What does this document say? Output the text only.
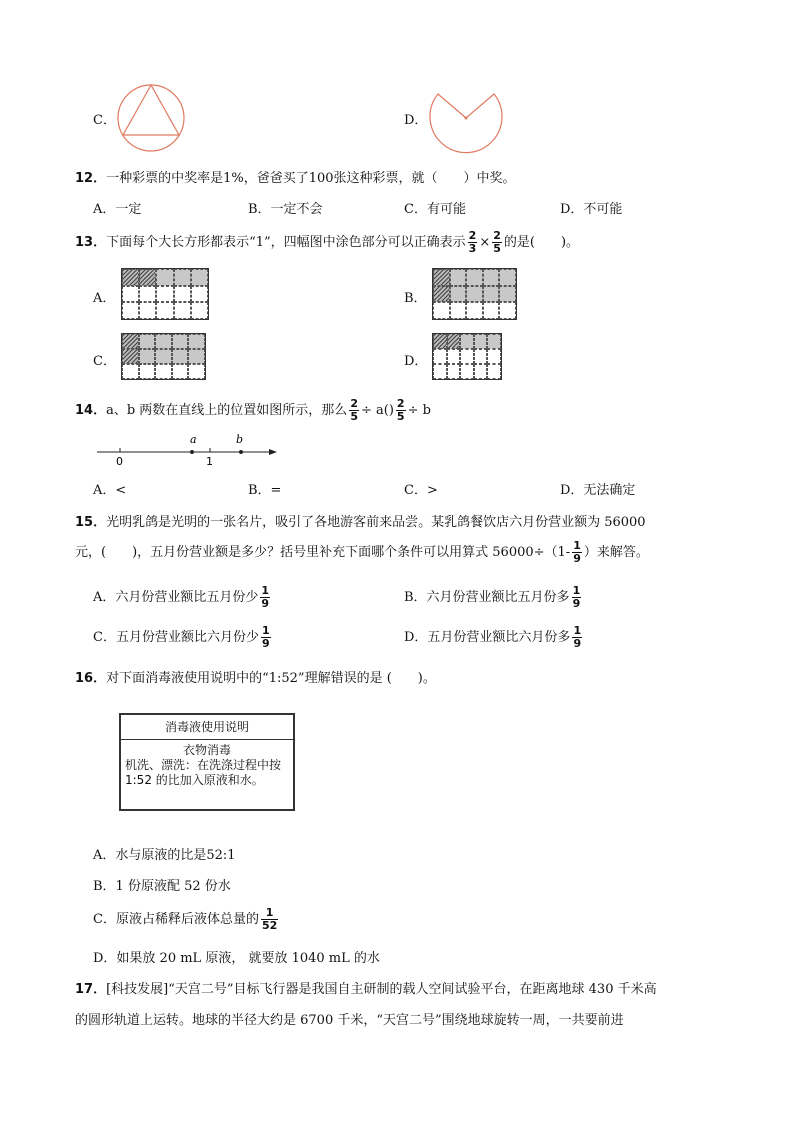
C．	D．
12．一种彩票的中奖率是1%，爸爸买了100张这种彩票，就（　　）中奖。
A．一定	B．一定不会	C．有可能	D．不可能
13．下面每个大长方形都表示“1”，四幅图中涂色部分可以正确表示 $\frac{2}{3} \times \frac{2}{5}$ 的是(　　)。
A．	B．
C．	D．
14．a、b 两数在直线上的位置如图所示，那么 $\frac{2}{5} \div a() \frac{2}{5} \div b$
a	b
0	1
A．<	B．=	C．>	D．无法确定
15．光明乳鸽是光明的一张名片，吸引了各地游客前来品尝。某乳鸽餐饮店六月份营业额为 56000
元，(　　)，五月份营业额是多少？括号里补充下面哪个条件可以用算式 $56000\div(1- \frac{1}{9}$ ）来解答。
A．六月份营业额比五月份少 $\frac{1}{9}$	B．六月份营业额比五月份多 $\frac{1}{9}$
C．五月份营业额比六月份少 $\frac{1}{9}$	D．五月份营业额比六月份多 $\frac{1}{9}$
16．对下面消毒液使用说明中的“1:52”理解错误的是 (　　)。
消毒液使用说明
衣物消毒
机洗、漂洗：在洗涤过程中按 1:52 的比加入原液和水。
A．水与原液的比是52:1
B．1 份原液配 52 份水
C．原液占稀释后液体总量的 $\frac{1}{52}$
D．如果放 20 mL 原液， 就要放 1040 mL 的水
17．[科技发展]“天宫二号”目标飞行器是我国自主研制的载人空间试验平台，在距离地球 430 千米高
的圆形轨道上运转。地球的半径大约是 6700 千米，“天宫二号”围绕地球旋转一周，一共要前进
